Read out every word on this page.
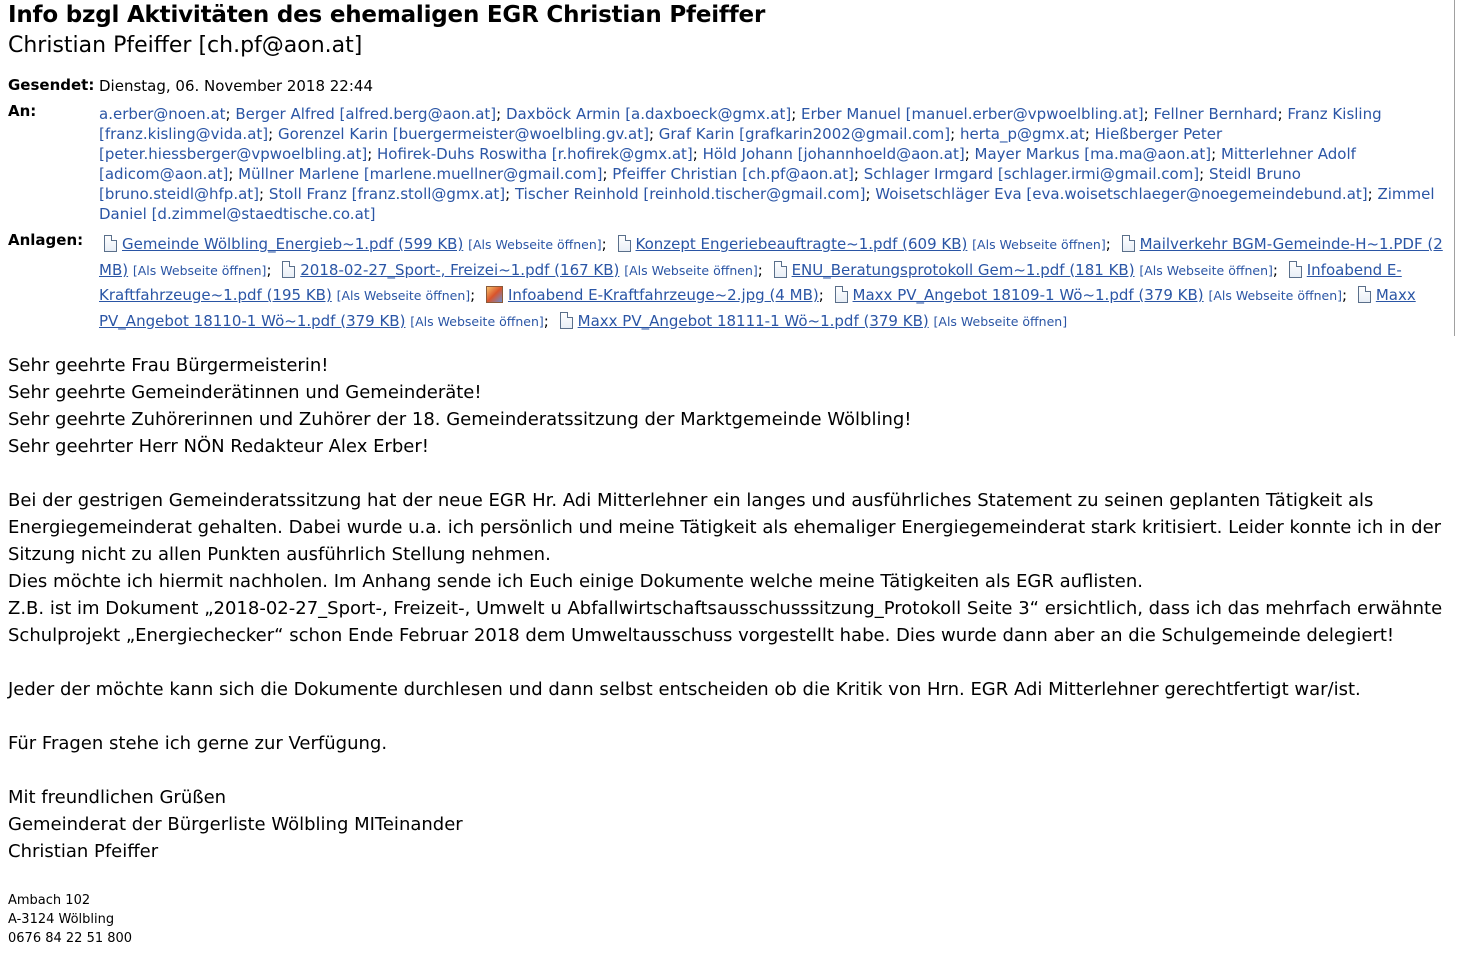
Info bzgl Aktivitäten des ehemaligen EGR Christian Pfeiffer
Christian Pfeiffer [ch.pf@aon.at]
Gesendet: Dienstag, 06. November 2018 22:44
An:	a.erber@noen.at; Berger Alfred [alfred.berg@aon.at]; Daxböck Armin [a.daxboeck@gmx.at]; Erber Manuel [manuel.erber@vpwoelbling.at]; Fellner Bernhard; Franz Kisling [franz.kisling@vida.at]; Gorenzel Karin [buergermeister@woelbling.gv.at]; Graf Karin [grafkarin2002@gmail.com]; herta_p@gmx.at; Hießberger Peter [peter.hiessberger@vpwoelbling.at]; Hofirek-Duhs Roswitha [r.hofirek@gmx.at]; Höld Johann [johannhoeld@aon.at]; Mayer Markus [ma.ma@aon.at]; Mitterlehner Adolf [adicom@aon.at]; Müllner Marlene [marlene.muellner@gmail.com]; Pfeiffer Christian [ch.pf@aon.at]; Schlager Irmgard [schlager.irmi@gmail.com]; Steidl Bruno [bruno.steidl@hfp.at]; Stoll Franz [franz.stoll@gmx.at]; Tischer Reinhold [reinhold.tischer@gmail.com]; Woisetschläger Eva [eva.woisetschlaeger@noegemeindebund.at]; Zimmel Daniel [d.zimmel@staedtische.co.at]
Anlagen:	Gemeinde Wölbling_Energieb~1.pdf (599 KB) [Als Webseite öffnen]; Konzept Engeriebeauftragte~1.pdf (609 KB) [Als Webseite öffnen]; Mailverkehr BGM-Gemeinde-H~1.PDF (2 MB) [Als Webseite öffnen]; 2018-02-27_Sport-, Freizei~1.pdf (167 KB) [Als Webseite öffnen]; ENU_Beratungsprotokoll Gem~1.pdf (181 KB) [Als Webseite öffnen]; Infoabend E-Kraftfahrzeuge~1.pdf (195 KB) [Als Webseite öffnen]; Infoabend E-Kraftfahrzeuge~2.jpg (4 MB); Maxx PV_Angebot 18109-1 Wö~1.pdf (379 KB) [Als Webseite öffnen]; Maxx PV_Angebot 18110-1 Wö~1.pdf (379 KB) [Als Webseite öffnen]; Maxx PV_Angebot 18111-1 Wö~1.pdf (379 KB) [Als Webseite öffnen]

Sehr geehrte Frau Bürgermeisterin!

Sehr geehrte Gemeinderätinnen und Gemeinderäte!

Sehr geehrte Zuhörerinnen und Zuhörer der 18. Gemeinderatssitzung der Marktgemeinde Wölbling!

Sehr geehrter Herr NÖN Redakteur Alex Erber!

Bei der gestrigen Gemeinderatssitzung hat der neue EGR Hr. Adi Mitterlehner ein langes und ausführliches Statement zu seinen geplanten Tätigkeit als

Energiegemeinderat gehalten. Dabei wurde u.a. ich persönlich und meine Tätigkeit als ehemaliger Energiegemeinderat stark kritisiert. Leider konnte ich in der

Sitzung nicht zu allen Punkten ausführlich Stellung nehmen.

Dies möchte ich hiermit nachholen. Im Anhang sende ich Euch einige Dokumente welche meine Tätigkeiten als EGR auflisten.

Z.B. ist im Dokument „2018-02-27_Sport-, Freizeit-, Umwelt u Abfallwirtschaftsausschusssitzung_Protokoll Seite 3“ ersichtlich, dass ich das mehrfach erwähnte

Schulprojekt „Energiechecker“ schon Ende Februar 2018 dem Umweltausschuss vorgestellt habe. Dies wurde dann aber an die Schulgemeinde delegiert!

Jeder der möchte kann sich die Dokumente durchlesen und dann selbst entscheiden ob die Kritik von Hrn. EGR Adi Mitterlehner gerechtfertigt war/ist.

Für Fragen stehe ich gerne zur Verfügung.

Mit freundlichen Grüßen

Gemeinderat der Bürgerliste Wölbling MITeinander

Christian Pfeiffer

Ambach 102
A-3124 Wölbling
0676 84 22 51 800
